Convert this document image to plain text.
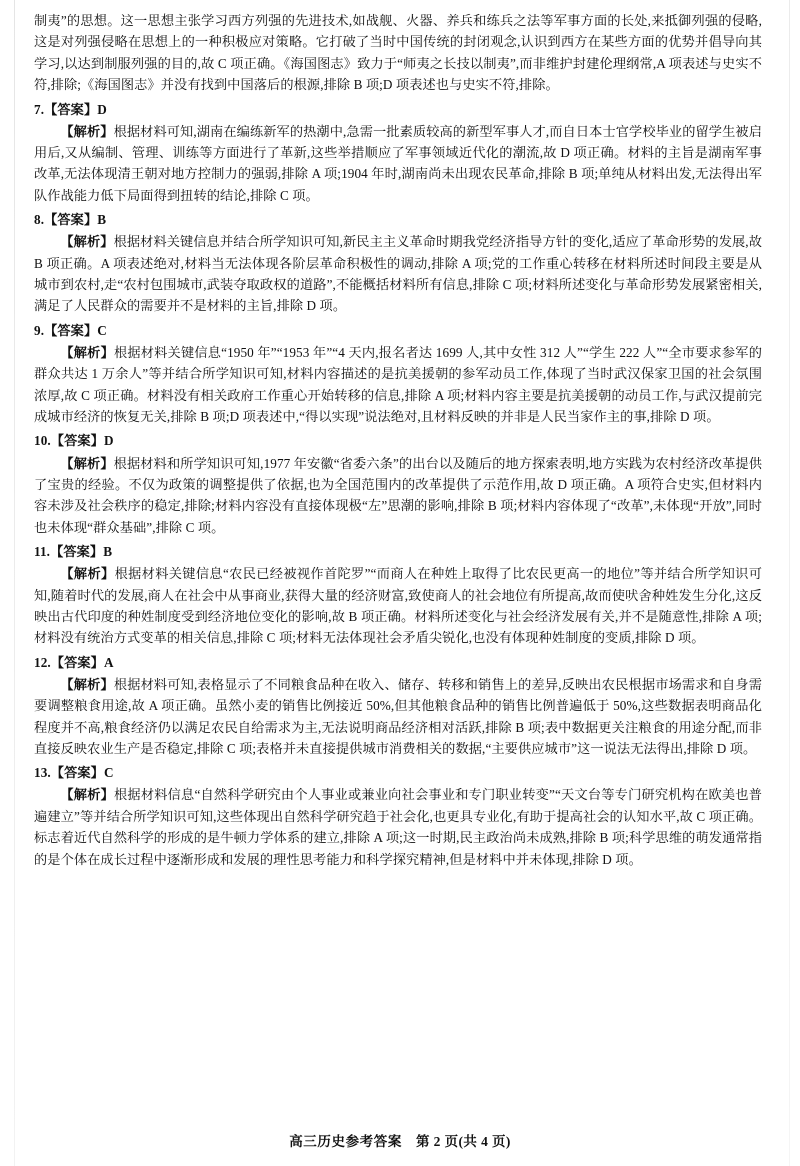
制夷”的思想。这一思想主张学习西方列强的先进技术,如战舰、火器、养兵和练兵之法等军事方面的长处,来抵御列强的侵略,这是对列强侵略在思想上的一种积极应对策略。它打破了当时中国传统的封闭观念,认识到西方在某些方面的优势并倡导向其学习,以达到制服列强的目的,故 C 项正确。《海国图志》致力于“师夷之长技以制夷”,而非维护封建伦理纲常,A 项表述与史实不符,排除;《海国图志》并没有找到中国落后的根源,排除 B 项;D 项表述也与史实不符,排除。

7.【答案】D

【解析】根据材料可知,湖南在编练新军的热潮中,急需一批素质较高的新型军事人才,而自日本士官学校毕业的留学生被启用后,又从编制、管理、训练等方面进行了革新,这些举措顺应了军事领域近代化的潮流,故 D 项正确。材料的主旨是湖南军事改革,无法体现清王朝对地方控制力的强弱,排除 A 项;1904 年时,湖南尚未出现农民革命,排除 B 项;单纯从材料出发,无法得出军队作战能力低下局面得到扭转的结论,排除 C 项。

8.【答案】B

【解析】根据材料关键信息并结合所学知识可知,新民主主义革命时期我党经济指导方针的变化,适应了革命形势的发展,故 B 项正确。A 项表述绝对,材料当无法体现各阶层革命积极性的调动,排除 A 项;党的工作重心转移在材料所述时间段主要是从城市到农村,走“农村包围城市,武装夺取政权的道路”,不能概括材料所有信息,排除 C 项;材料所述变化与革命形势发展紧密相关,满足了人民群众的需要并不是材料的主旨,排除 D 项。

9.【答案】C

【解析】根据材料关键信息“1950 年”“1953 年”“4 天内,报名者达 1699 人,其中女性 312 人”“学生 222 人”“全市要求参军的群众共达 1 万余人”等并结合所学知识可知,材料内容描述的是抗美援朝的参军动员工作,体现了当时武汉保家卫国的社会氛围浓厚,故 C 项正确。材料没有相关政府工作重心开始转移的信息,排除 A 项;材料内容主要是抗美援朝的动员工作,与武汉提前完成城市经济的恢复无关,排除 B 项;D 项表述中,“得以实现”说法绝对,且材料反映的并非是人民当家作主的事,排除 D 项。

10.【答案】D

【解析】根据材料和所学知识可知,1977 年安徽“省委六条”的出台以及随后的地方探索表明,地方实践为农村经济改革提供了宝贵的经验。不仅为政策的调整提供了依据,也为全国范围内的改革提供了示范作用,故 D 项正确。A 项符合史实,但材料内容未涉及社会秩序的稳定,排除;材料内容没有直接体现极“左”思潮的影响,排除 B 项;材料内容体现了“改革”,未体现“开放”,同时也未体现“群众基础”,排除 C 项。

11.【答案】B

【解析】根据材料关键信息“农民已经被视作首陀罗”“而商人在种姓上取得了比农民更高一的地位”等并结合所学知识可知,随着时代的发展,商人在社会中从事商业,获得大量的经济财富,致使商人的社会地位有所提高,故而使吠舍种姓发生分化,这反映出古代印度的种姓制度受到经济地位变化的影响,故 B 项正确。材料所述变化与社会经济发展有关,并不是随意性,排除 A 项;材料没有统治方式变革的相关信息,排除 C 项;材料无法体现社会矛盾尖锐化,也没有体现种姓制度的变质,排除 D 项。

12.【答案】A

【解析】根据材料可知,表格显示了不同粮食品种在收入、储存、转移和销售上的差异,反映出农民根据市场需求和自身需要调整粮食用途,故 A 项正确。虽然小麦的销售比例接近 50%,但其他粮食品种的销售比例普遍低于 50%,这些数据表明商品化程度并不高,粮食经济仍以满足农民自给需求为主,无法说明商品经济相对活跃,排除 B 项;表中数据更关注粮食的用途分配,而非直接反映农业生产是否稳定,排除 C 项;表格并未直接提供城市消费相关的数据,“主要供应城市”这一说法无法得出,排除 D 项。

13.【答案】C

【解析】根据材料信息“自然科学研究由个人事业或兼业向社会事业和专门职业转变”“天文台等专门研究机构在欧美也普遍建立”等并结合所学知识可知,这些体现出自然科学研究趋于社会化,也更具专业化,有助于提高社会的认知水平,故 C 项正确。标志着近代自然科学的形成的是牛顿力学体系的建立,排除 A 项;这一时期,民主政治尚未成熟,排除 B 项;科学思维的萌发通常指的是个体在成长过程中逐渐形成和发展的理性思考能力和科学探究精神,但是材料中并未体现,排除 D 项。

高三历史参考答案 第 2 页(共 4 页)
